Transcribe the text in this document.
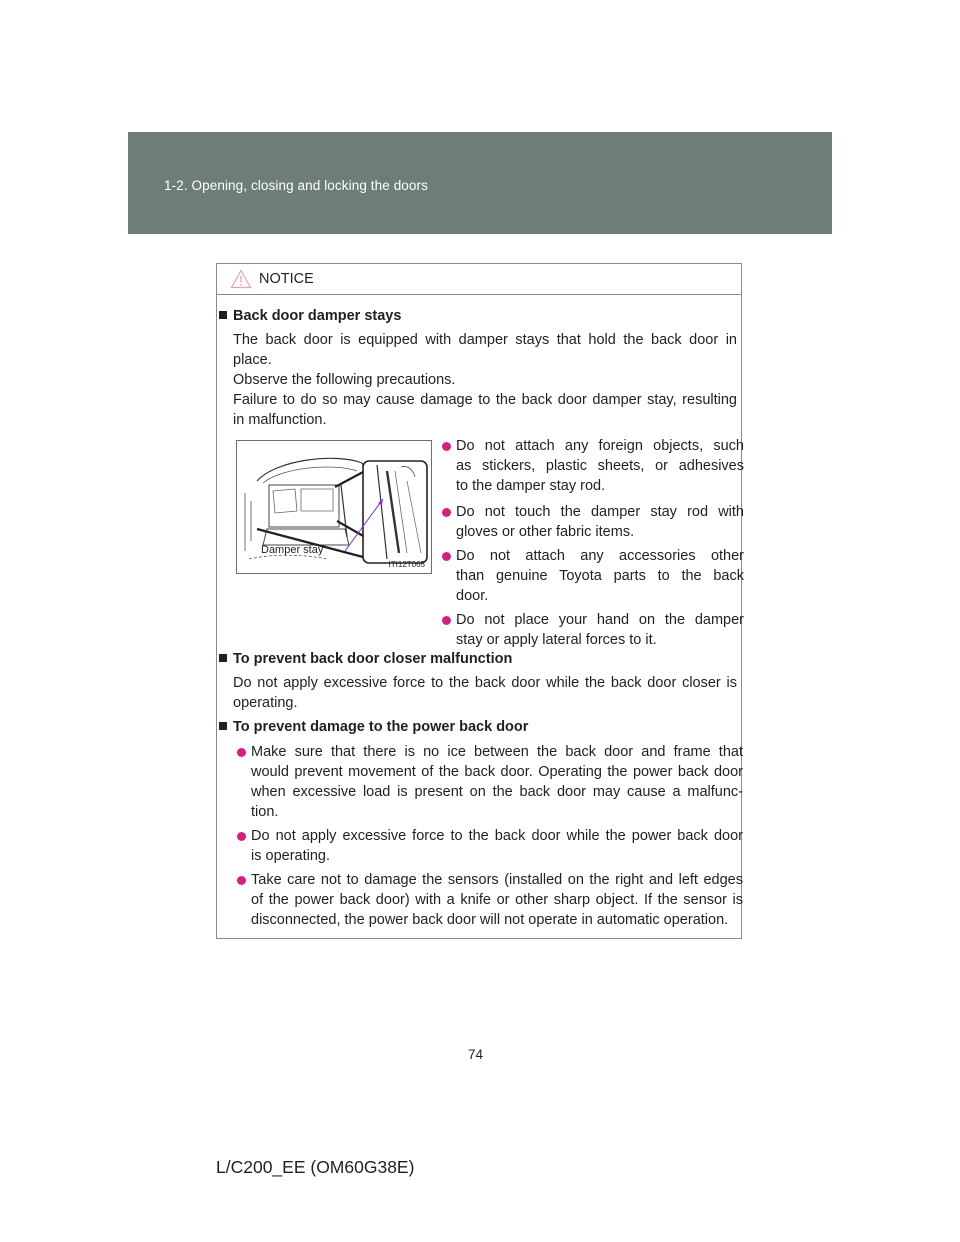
1-2. Opening, closing and locking the doors
NOTICE
Back door damper stays
The back door is equipped with damper stays that hold the back door in
place.
Observe the following precautions.
Failure to do so may cause damage to the back door damper stay, resulting
in malfunction.
Damper stay
ITI12T065
Do not attach any foreign objects, such
as stickers, plastic sheets, or adhesives
to the damper stay rod.
Do not touch the damper stay rod with
gloves or other fabric items.
Do not attach any accessories other
than genuine Toyota parts to the back
door.
Do not place your hand on the damper
stay or apply lateral forces to it.
To prevent back door closer malfunction
Do not apply excessive force to the back door while the back door closer is
operating.
To prevent damage to the power back door
Make sure that there is no ice between the back door and frame that
would prevent movement of the back door. Operating the power back door
when excessive load is present on the back door may cause a malfunc-
tion.
Do not apply excessive force to the back door while the power back door
is operating.
Take care not to damage the sensors (installed on the right and left edges
of the power back door) with a knife or other sharp object. If the sensor is
disconnected, the power back door will not operate in automatic operation.
74
L/C200_EE (OM60G38E)
